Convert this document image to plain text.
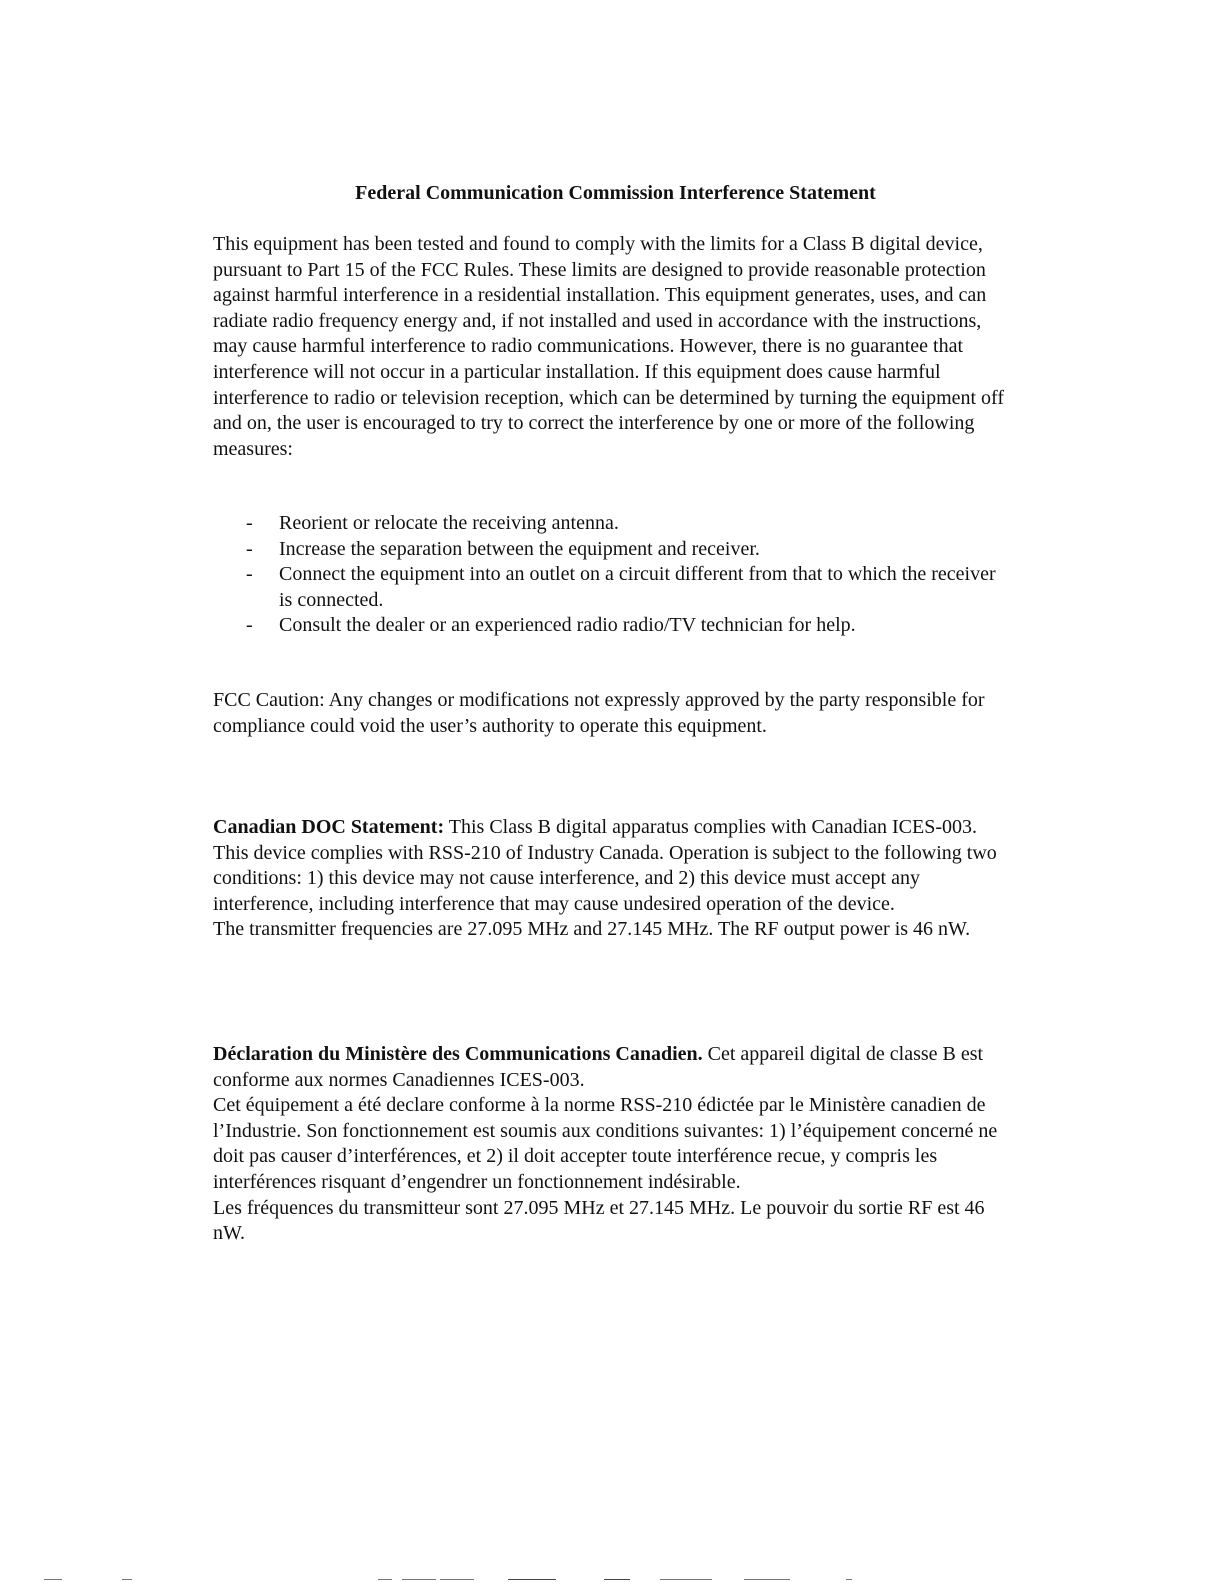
Federal Communication Commission Interference Statement

This equipment has been tested and found to comply with the limits for a Class B digital device, pursuant to Part 15 of the FCC Rules. These limits are designed to provide reasonable protection against harmful interference in a residential installation. This equipment generates, uses, and can radiate radio frequency energy and, if not installed and used in accordance with the instructions, may cause harmful interference to radio communications. However, there is no guarantee that interference will not occur in a particular installation. If this equipment does cause harmful interference to radio or television reception, which can be determined by turning the equipment off and on, the user is encouraged to try to correct the interference by one or more of the following measures:

- Reorient or relocate the receiving antenna.
- Increase the separation between the equipment and receiver.
- Connect the equipment into an outlet on a circuit different from that to which the receiver is connected.
- Consult the dealer or an experienced radio radio/TV technician for help.

FCC Caution: Any changes or modifications not expressly approved by the party responsible for compliance could void the user’s authority to operate this equipment.

Canadian DOC Statement: This Class B digital apparatus complies with Canadian ICES-003.
This device complies with RSS-210 of Industry Canada. Operation is subject to the following two conditions: 1) this device may not cause interference, and 2) this device must accept any interference, including interference that may cause undesired operation of the device.
The transmitter frequencies are 27.095 MHz and 27.145 MHz. The RF output power is 46 nW.
Déclaration du Ministère des Communications Canadien. Cet appareil digital de classe B est conforme aux normes Canadiennes ICES-003.
Cet équipement a été declare conforme à la norme RSS-210 édictée par le Ministère canadien de l’Industrie. Son fonctionnement est soumis aux conditions suivantes: 1) l’équipement concerné ne doit pas causer d’interférences, et 2) il doit accepter toute interférence recue, y compris les interférences risquant d’engendrer un fonctionnement indésirable.
Les fréquences du transmitteur sont 27.095 MHz et 27.145 MHz. Le pouvoir du sortie RF est 46 nW.
